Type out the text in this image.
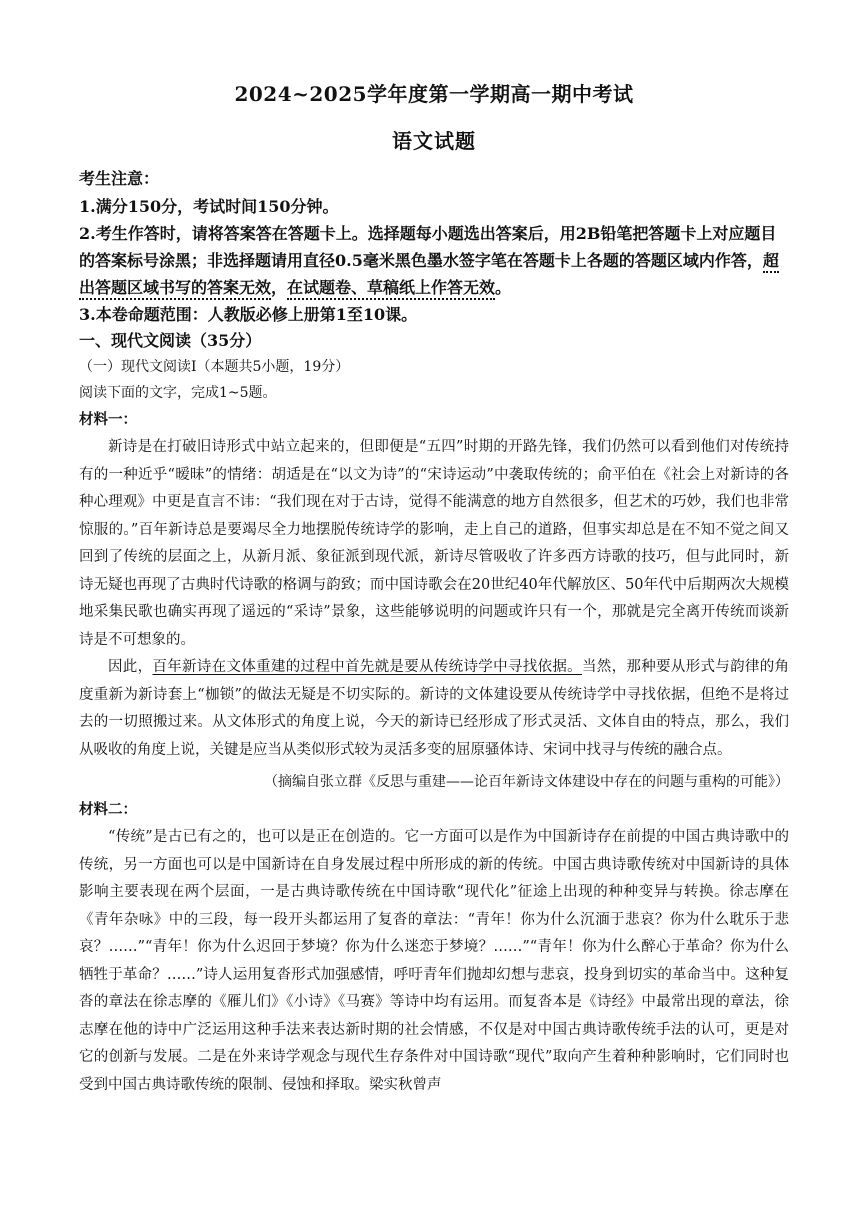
2024~2025学年度第一学期高一期中考试
语文试题

考生注意：

1.满分150分，考试时间150分钟。

2.考生作答时，请将答案答在答题卡上。选择题每小题选出答案后，用2B铅笔把答题卡上对应题目的答案标号涂黑；非选择题请用直径0.5毫米黑色墨水签字笔在答题卡上各题的答题区域内作答，超出答题区域书写的答案无效，在试题卷、草稿纸上作答无效。

3.本卷命题范围：人教版必修上册第1至10课。

一、现代文阅读（35分）

（一）现代文阅读Ⅰ（本题共5小题，19分）

阅读下面的文字，完成1~5题。

材料一：

新诗是在打破旧诗形式中站立起来的，但即便是“五四”时期的开路先锋，我们仍然可以看到他们对传统持有的一种近乎“暧昧”的情绪：胡适是在“以文为诗”的“宋诗运动”中袭取传统的；俞平伯在《社会上对新诗的各种心理观》中更是直言不讳：“我们现在对于古诗，觉得不能满意的地方自然很多，但艺术的巧妙，我们也非常惊服的。”百年新诗总是要竭尽全力地摆脱传统诗学的影响，走上自己的道路，但事实却总是在不知不觉之间又回到了传统的层面之上，从新月派、象征派到现代派，新诗尽管吸收了许多西方诗歌的技巧，但与此同时，新诗无疑也再现了古典时代诗歌的格调与韵致；而中国诗歌会在20世纪40年代解放区、50年代中后期两次大规模地采集民歌也确实再现了遥远的“采诗”景象，这些能够说明的问题或许只有一个，那就是完全离开传统而谈新诗是不可想象的。

因此，百年新诗在文体重建的过程中首先就是要从传统诗学中寻找依据。当然，那种要从形式与韵律的角度重新为新诗套上“枷锁”的做法无疑是不切实际的。新诗的文体建设要从传统诗学中寻找依据，但绝不是将过去的一切照搬过来。从文体形式的角度上说，今天的新诗已经形成了形式灵活、文体自由的特点，那么，我们从吸收的角度上说，关键是应当从类似形式较为灵活多变的屈原骚体诗、宋词中找寻与传统的融合点。

（摘编自张立群《反思与重建——论百年新诗文体建设中存在的问题与重构的可能》）

材料二：

“传统”是古已有之的，也可以是正在创造的。它一方面可以是作为中国新诗存在前提的中国古典诗歌中的传统，另一方面也可以是中国新诗在自身发展过程中所形成的新的传统。中国古典诗歌传统对中国新诗的具体影响主要表现在两个层面，一是古典诗歌传统在中国诗歌“现代化”征途上出现的种种变异与转换。徐志摩在《青年杂咏》中的三段，每一段开头都运用了复沓的章法：“青年！你为什么沉湎于悲哀？你为什么耽乐于悲哀？……”“青年！你为什么迟回于梦境？你为什么迷恋于梦境？……”“青年！你为什么醉心于革命？你为什么牺牲于革命？……”诗人运用复沓形式加强感情，呼吁青年们抛却幻想与悲哀，投身到切实的革命当中。这种复沓的章法在徐志摩的《雁儿们》《小诗》《马赛》等诗中均有运用。而复沓本是《诗经》中最常出现的章法，徐志摩在他的诗中广泛运用这种手法来表达新时期的社会情感，不仅是对中国古典诗歌传统手法的认可，更是对它的创新与发展。二是在外来诗学观念与现代生存条件对中国诗歌“现代”取向产生着种种影响时，它们同时也受到中国古典诗歌传统的限制、侵蚀和择取。梁实秋曾声
